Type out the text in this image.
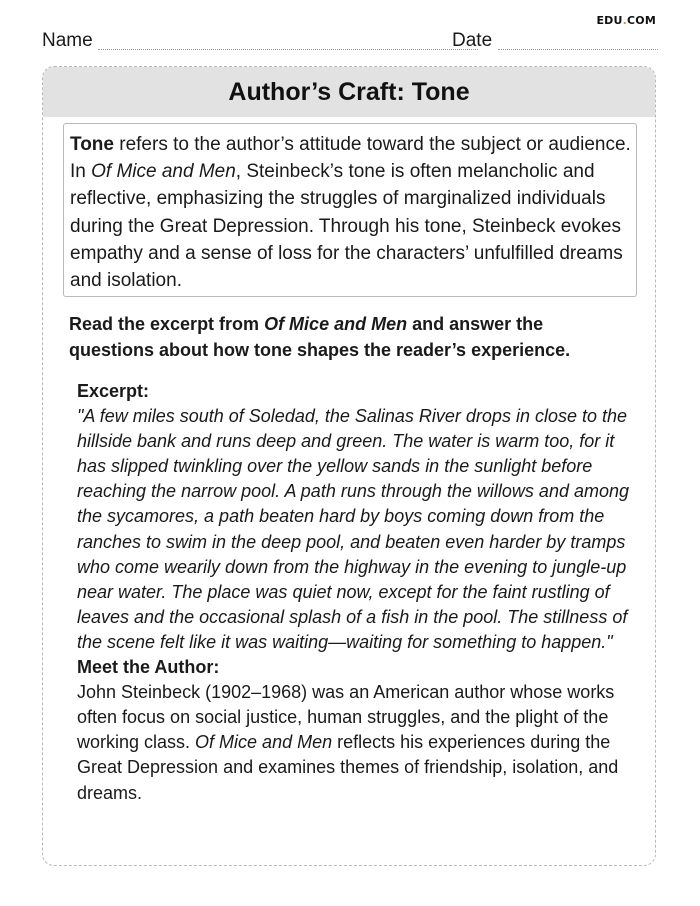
EDU.COM
Name	Date
Author’s Craft: Tone
Tone refers to the author’s attitude toward the subject or audience. In Of Mice and Men, Steinbeck’s tone is often melancholic and reflective, emphasizing the struggles of marginalized individuals during the Great Depression. Through his tone, Steinbeck evokes empathy and a sense of loss for the characters’ unfulfilled dreams and isolation.
Read the excerpt from Of Mice and Men and answer the questions about how tone shapes the reader’s experience.
Excerpt:
"A few miles south of Soledad, the Salinas River drops in close to the hillside bank and runs deep and green. The water is warm too, for it has slipped twinkling over the yellow sands in the sunlight before reaching the narrow pool. A path runs through the willows and among the sycamores, a path beaten hard by boys coming down from the ranches to swim in the deep pool, and beaten even harder by tramps who come wearily down from the highway in the evening to jungle-up near water. The place was quiet now, except for the faint rustling of leaves and the occasional splash of a fish in the pool. The stillness of the scene felt like it was waiting—waiting for something to happen."
Meet the Author:
John Steinbeck (1902–1968) was an American author whose works often focus on social justice, human struggles, and the plight of the working class. Of Mice and Men reflects his experiences during the Great Depression and examines themes of friendship, isolation, and dreams.
